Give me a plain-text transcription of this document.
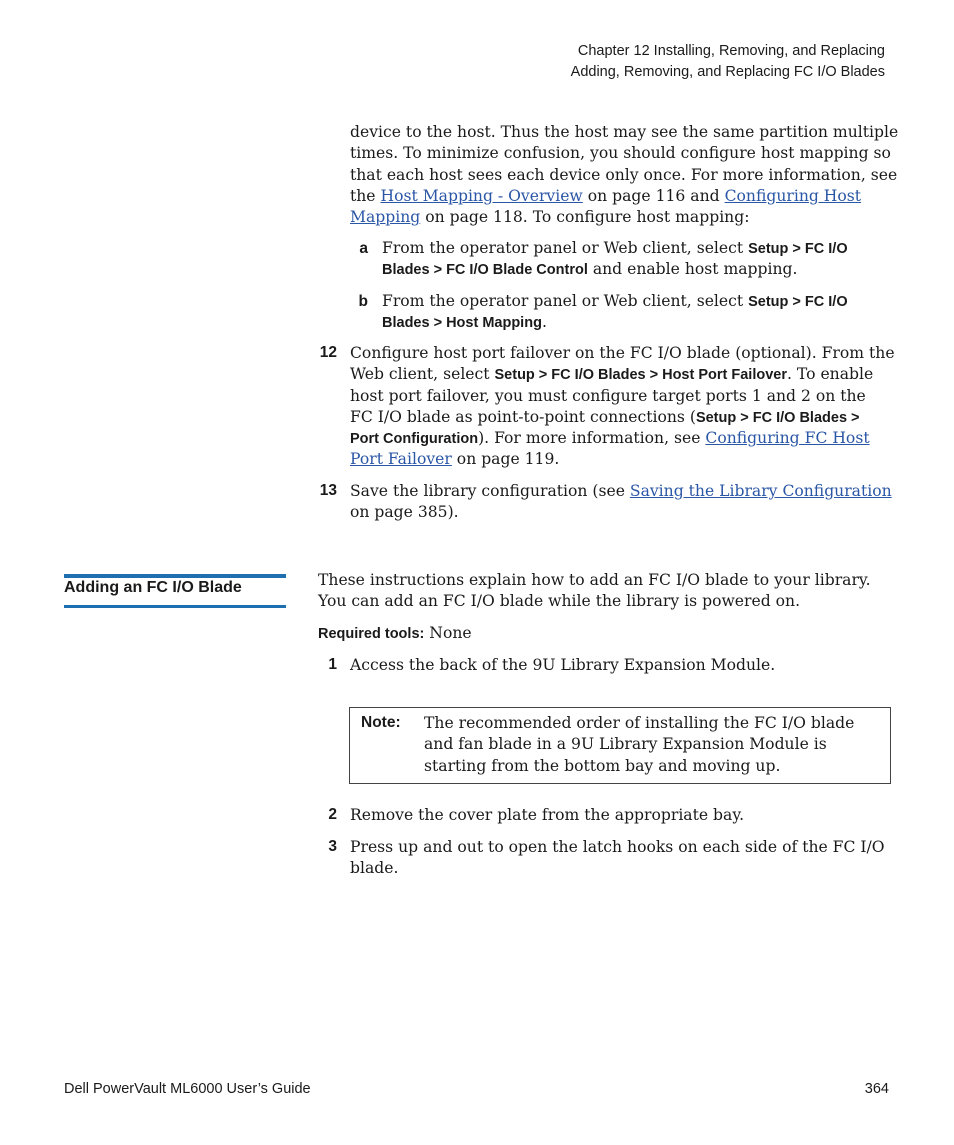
Chapter 12 Installing, Removing, and Replacing
Adding, Removing, and Replacing FC I/O Blades
device to the host. Thus the host may see the same partition multiple
times. To minimize confusion, you should configure host mapping so
that each host sees each device only once. For more information, see
the Host Mapping - Overview on page 116 and Configuring Host
Mapping on page 118. To configure host mapping:
a From the operator panel or Web client, select Setup > FC I/O
Blades > FC I/O Blade Control and enable host mapping.
b From the operator panel or Web client, select Setup > FC I/O
Blades > Host Mapping.
12 Configure host port failover on the FC I/O blade (optional). From the
Web client, select Setup > FC I/O Blades > Host Port Failover. To enable
host port failover, you must configure target ports 1 and 2 on the
FC I/O blade as point-to-point connections (Setup > FC I/O Blades >
Port Configuration). For more information, see Configuring FC Host
Port Failover on page 119.
13 Save the library configuration (see Saving the Library Configuration
on page 385).
Adding an FC I/O Blade	These instructions explain how to add an FC I/O blade to your library.
You can add an FC I/O blade while the library is powered on.
Required tools: None
1 Access the back of the 9U Library Expansion Module.
Note: The recommended order of installing the FC I/O blade
and fan blade in a 9U Library Expansion Module is
starting from the bottom bay and moving up.
2 Remove the cover plate from the appropriate bay.
3 Press up and out to open the latch hooks on each side of the FC I/O
blade.
Dell PowerVault ML6000 User’s Guide	364
